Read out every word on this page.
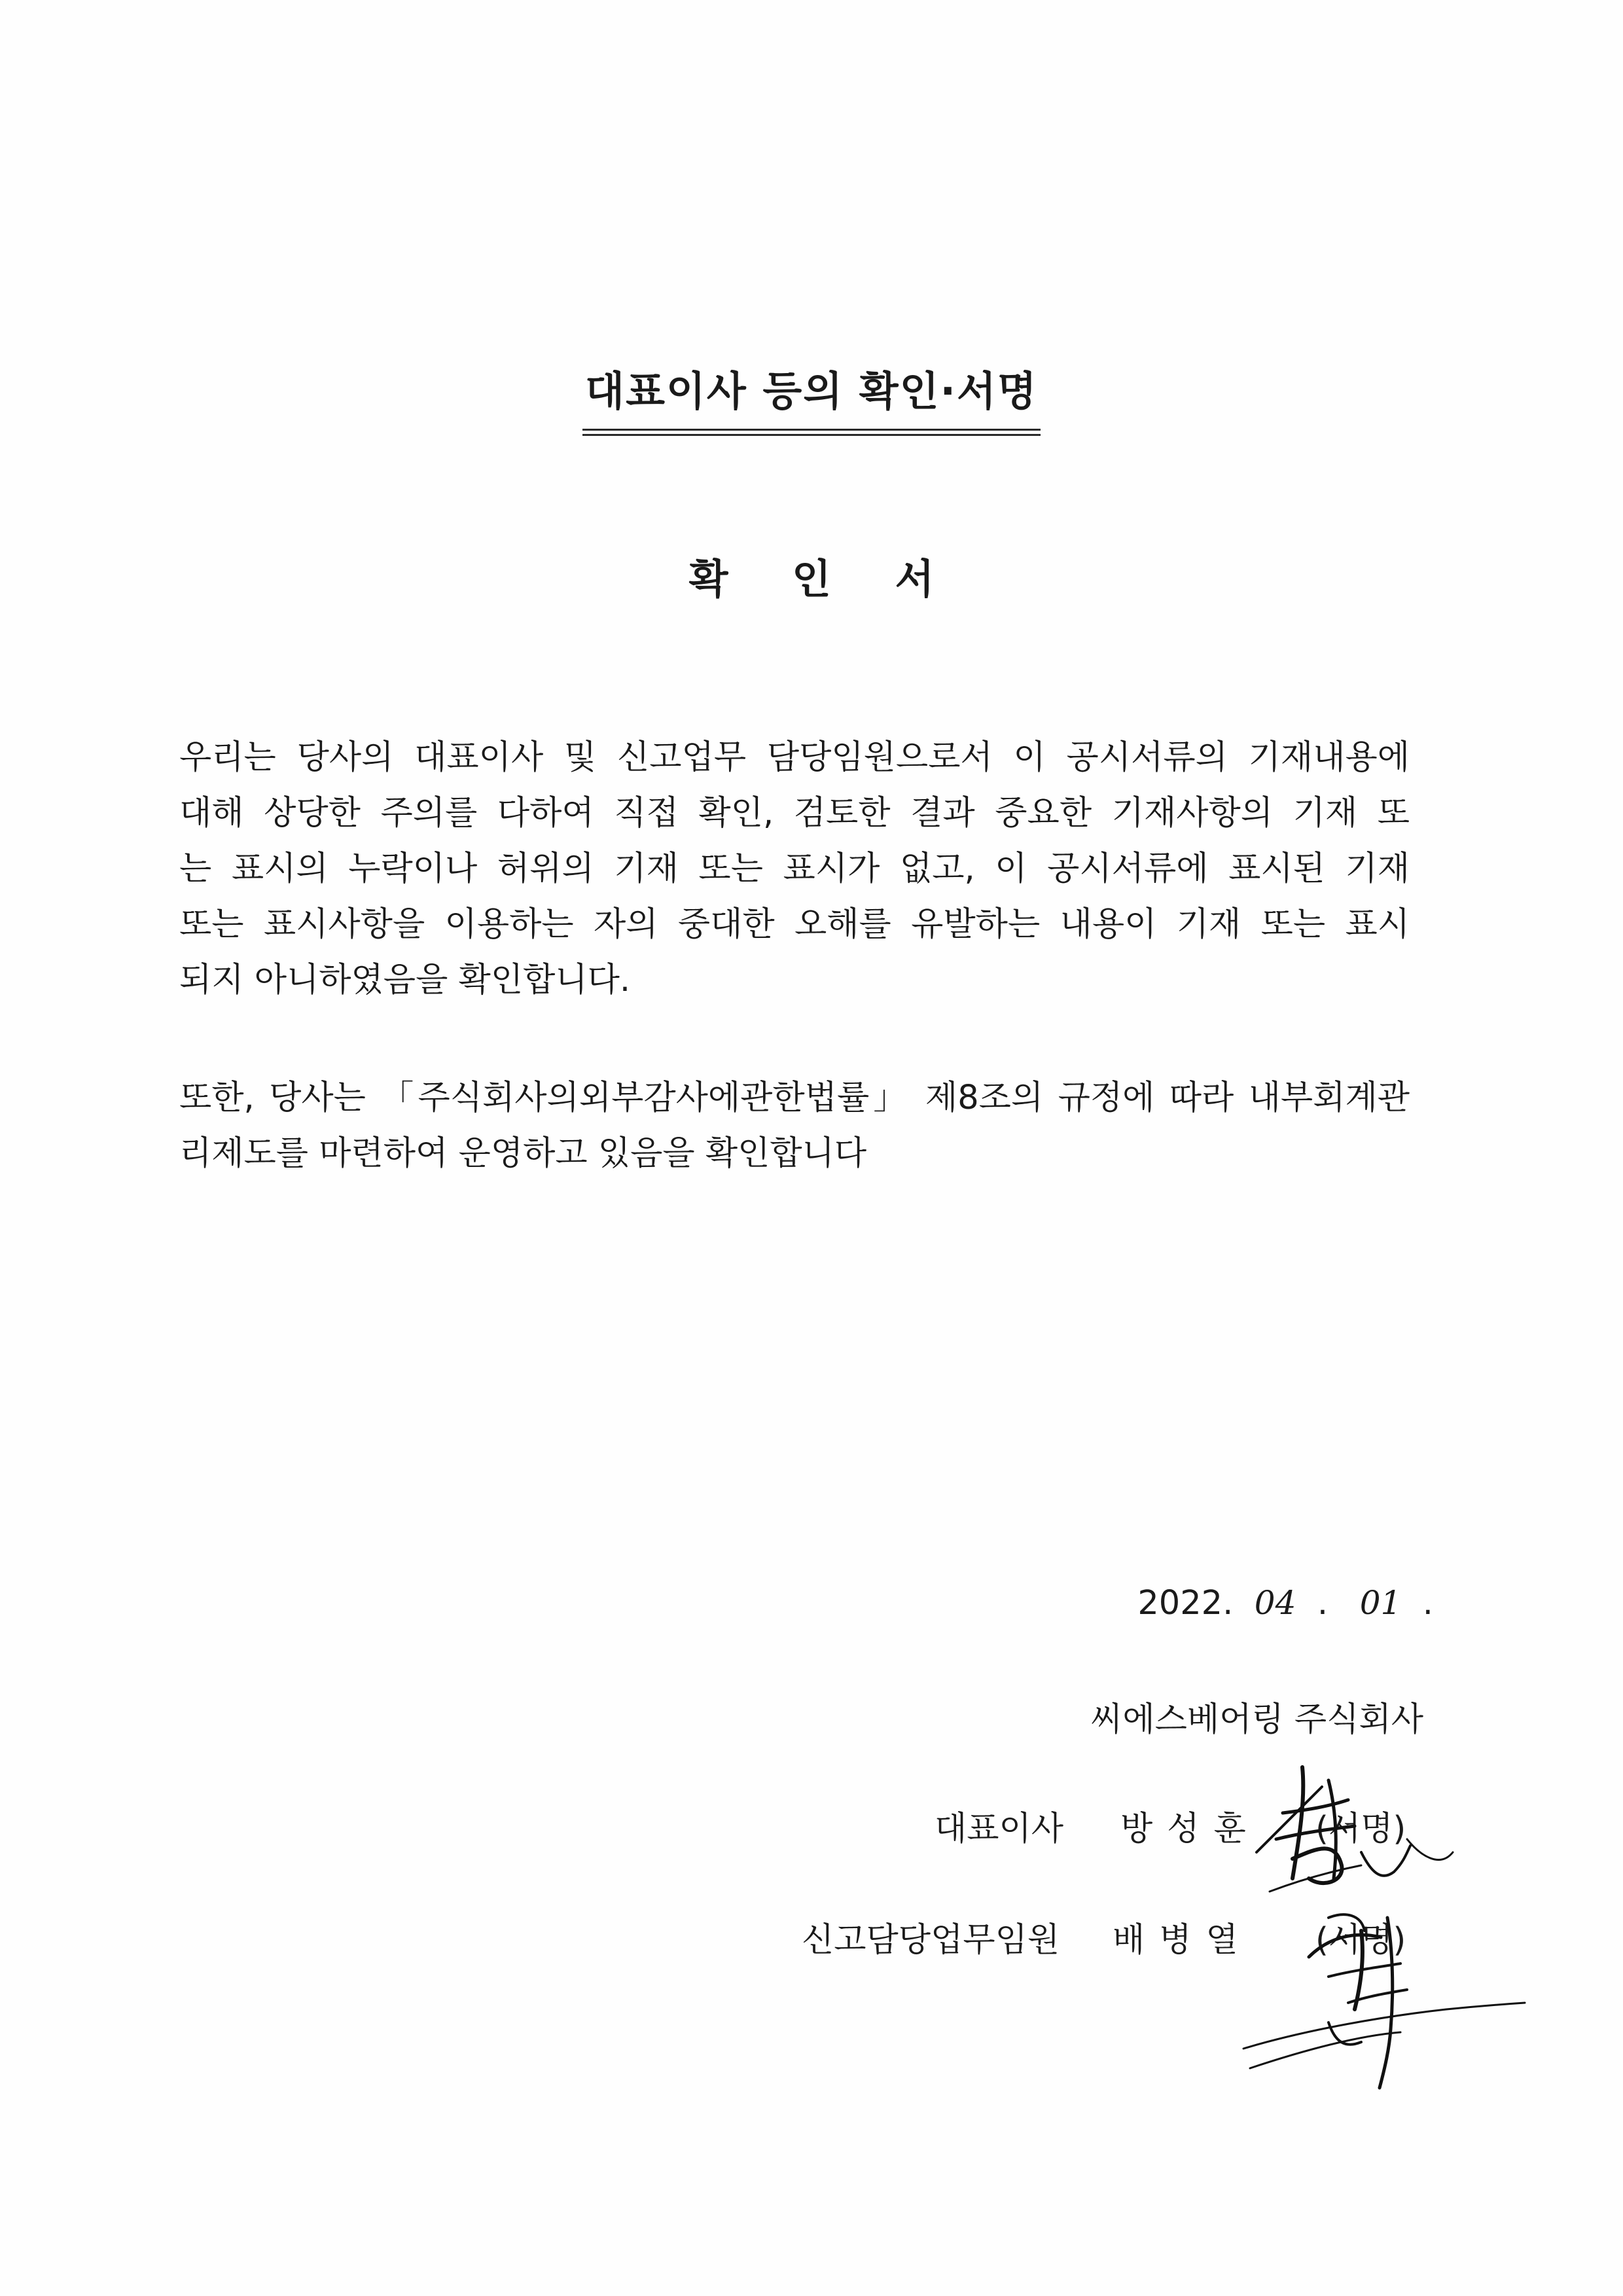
대표이사 등의 확인·서명
확 인 서
우리는 당사의 대표이사 및 신고업무 담당임원으로서 이 공시서류의 기재내용에
대해 상당한 주의를 다하여 직접 확인, 검토한 결과 중요한 기재사항의 기재 또
는 표시의 누락이나 허위의 기재 또는 표시가 없고, 이 공시서류에 표시된 기재
또는 표시사항을 이용하는 자의 중대한 오해를 유발하는 내용이 기재 또는 표시
되지 아니하였음을 확인합니다.
또한, 당사는 「주식회사의외부감사에관한법률」 제8조의 규정에 따라 내부회계관
리제도를 마련하여 운영하고 있음을 확인합니다
2022. 04 . 01 .
씨에스베어링 주식회사
대표이사 방성훈 (서명)
신고담당업무임원 배병열 (서명)
